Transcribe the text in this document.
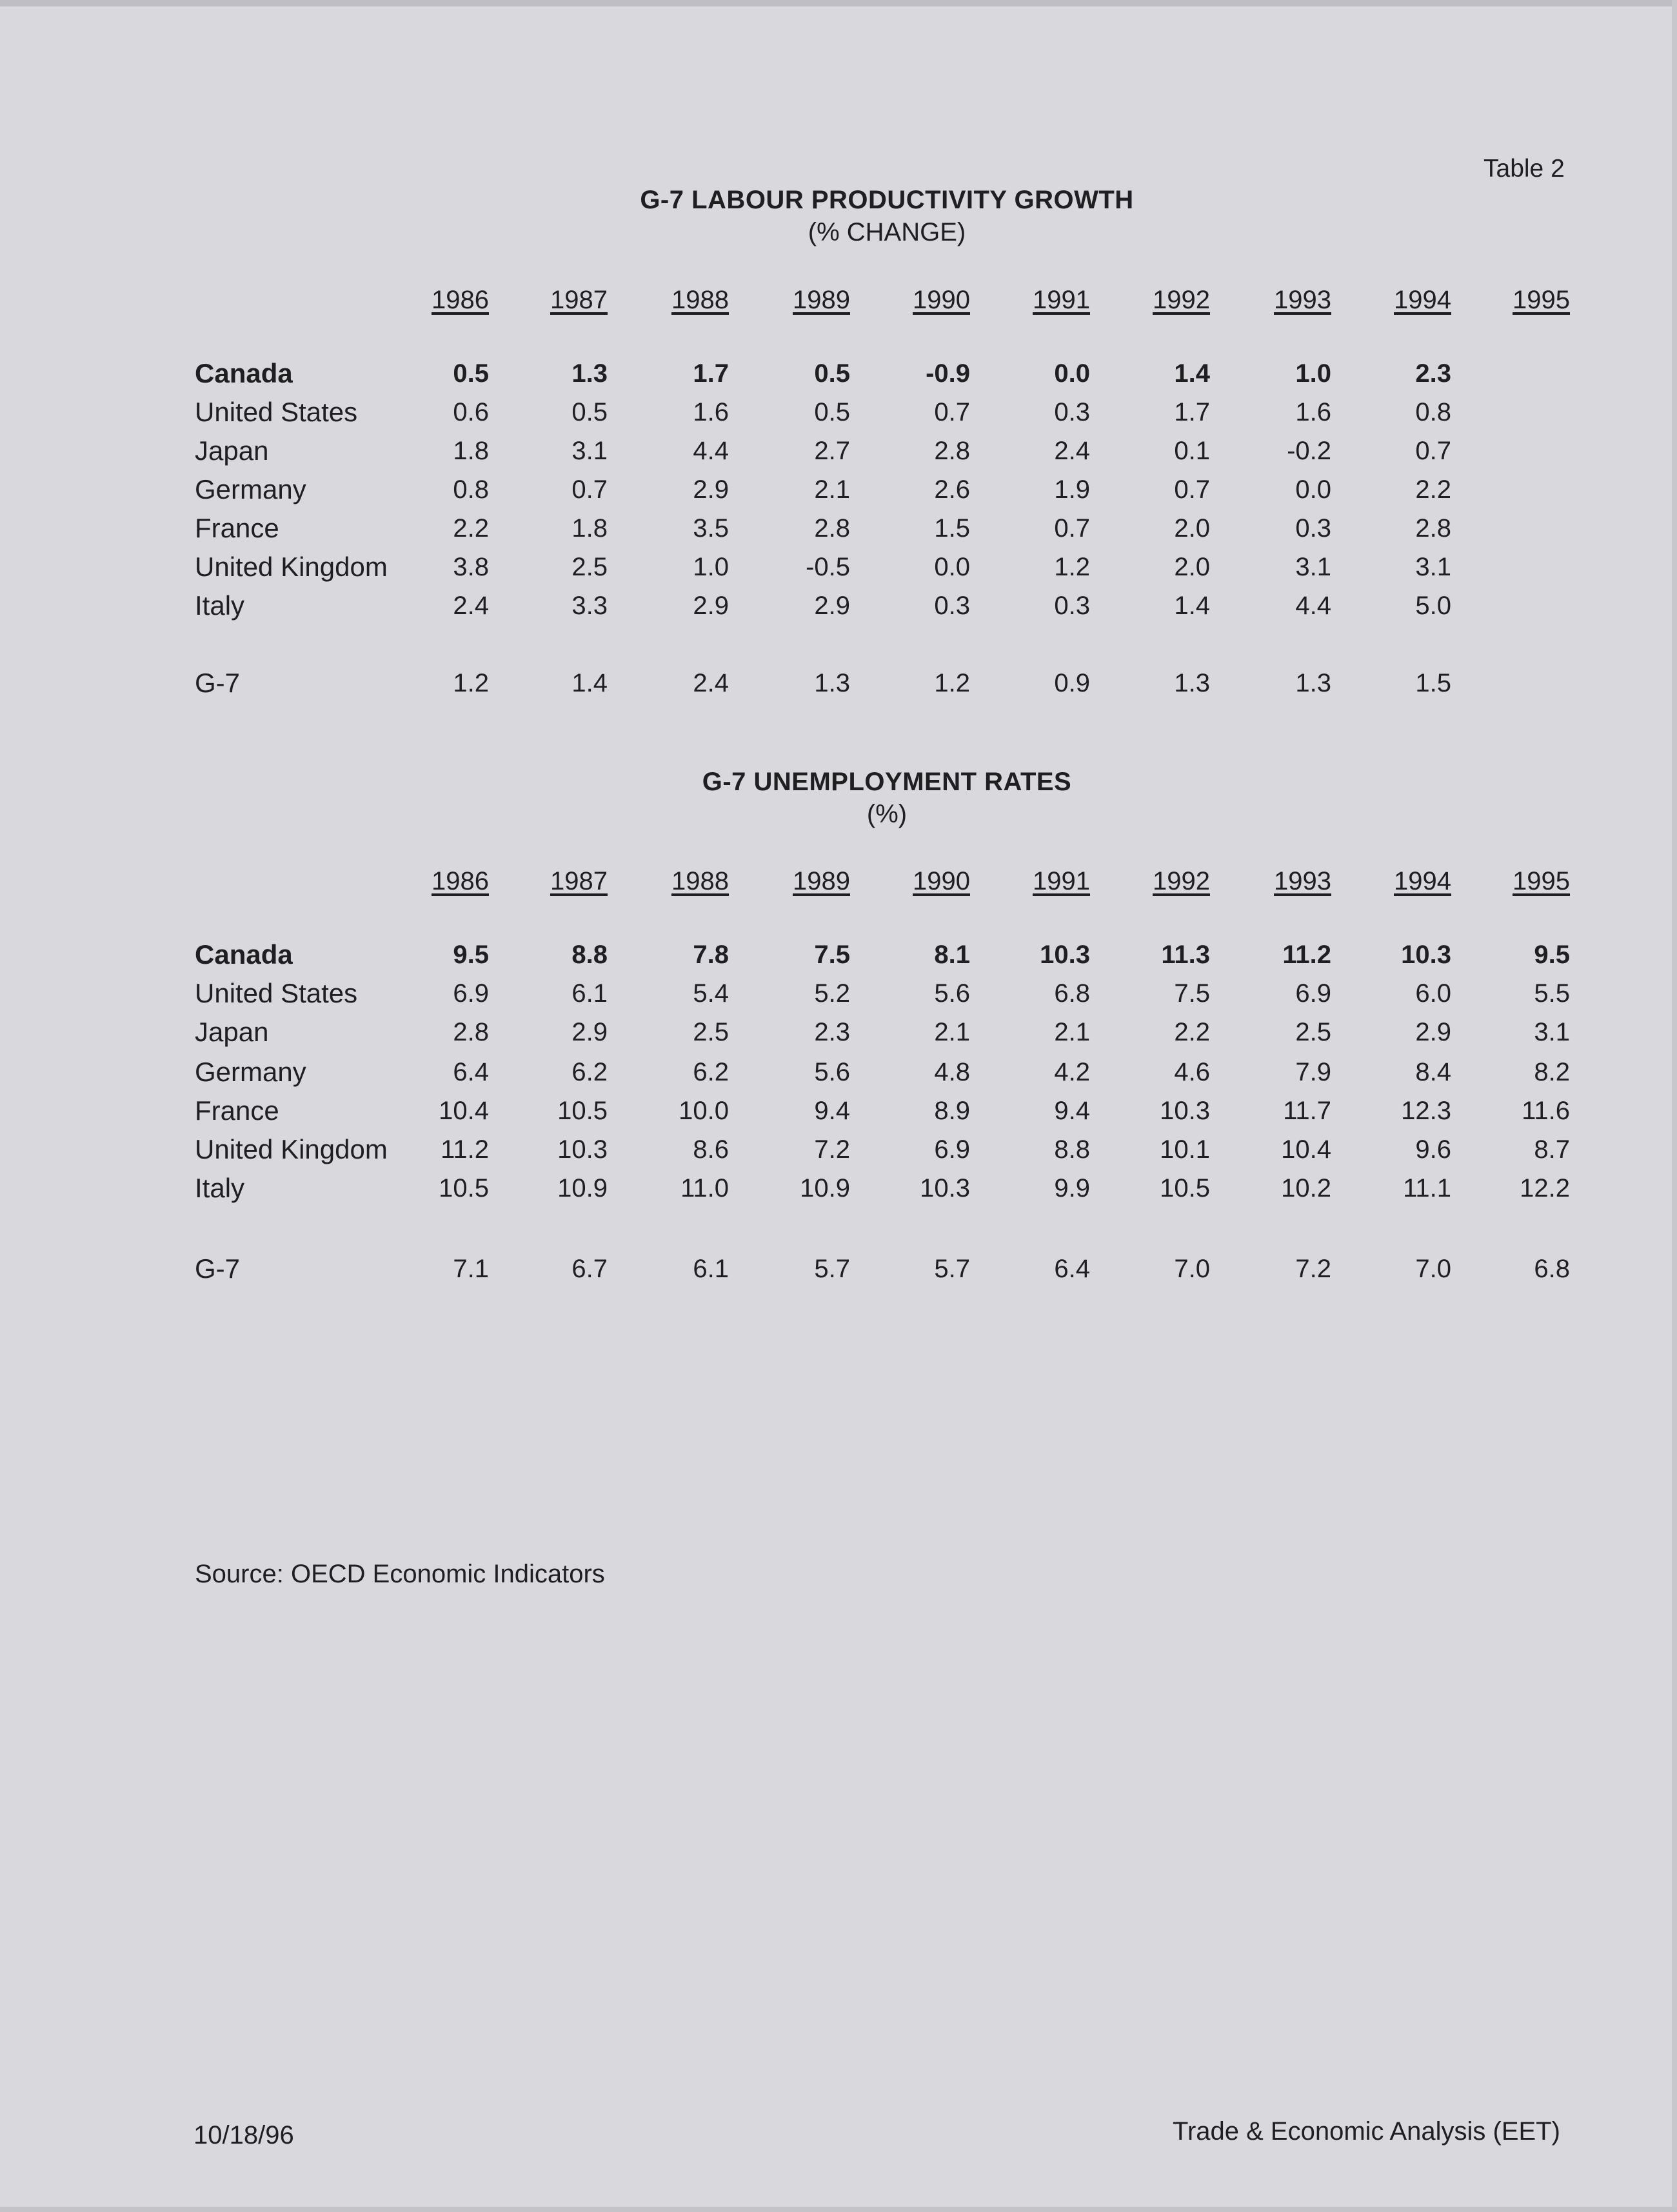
Table 2
G-7 LABOUR PRODUCTIVITY GROWTH
(% CHANGE)
1986	1987	1988	1989	1990	1991	1992	1993	1994	1995
Canada	0.5	1.3	1.7	0.5	-0.9	0.0	1.4	1.0	2.3
United States	0.6	0.5	1.6	0.5	0.7	0.3	1.7	1.6	0.8
Japan	1.8	3.1	4.4	2.7	2.8	2.4	0.1	-0.2	0.7
Germany	0.8	0.7	2.9	2.1	2.6	1.9	0.7	0.0	2.2
France	2.2	1.8	3.5	2.8	1.5	0.7	2.0	0.3	2.8
United Kingdom	3.8	2.5	1.0	-0.5	0.0	1.2	2.0	3.1	3.1
Italy	2.4	3.3	2.9	2.9	0.3	0.3	1.4	4.4	5.0
G-7	1.2	1.4	2.4	1.3	1.2	0.9	1.3	1.3	1.5
G-7 UNEMPLOYMENT RATES
(%)
1986	1987	1988	1989	1990	1991	1992	1993	1994	1995
Canada	9.5	8.8	7.8	7.5	8.1	10.3	11.3	11.2	10.3	9.5
United States	6.9	6.1	5.4	5.2	5.6	6.8	7.5	6.9	6.0	5.5
Japan	2.8	2.9	2.5	2.3	2.1	2.1	2.2	2.5	2.9	3.1
Germany	6.4	6.2	6.2	5.6	4.8	4.2	4.6	7.9	8.4	8.2
France	10.4	10.5	10.0	9.4	8.9	9.4	10.3	11.7	12.3	11.6
United Kingdom	11.2	10.3	8.6	7.2	6.9	8.8	10.1	10.4	9.6	8.7
Italy	10.5	10.9	11.0	10.9	10.3	9.9	10.5	10.2	11.1	12.2
G-7	7.1	6.7	6.1	5.7	5.7	6.4	7.0	7.2	7.0	6.8
Source: OECD Economic Indicators
10/18/96	Trade & Economic Analysis (EET)
